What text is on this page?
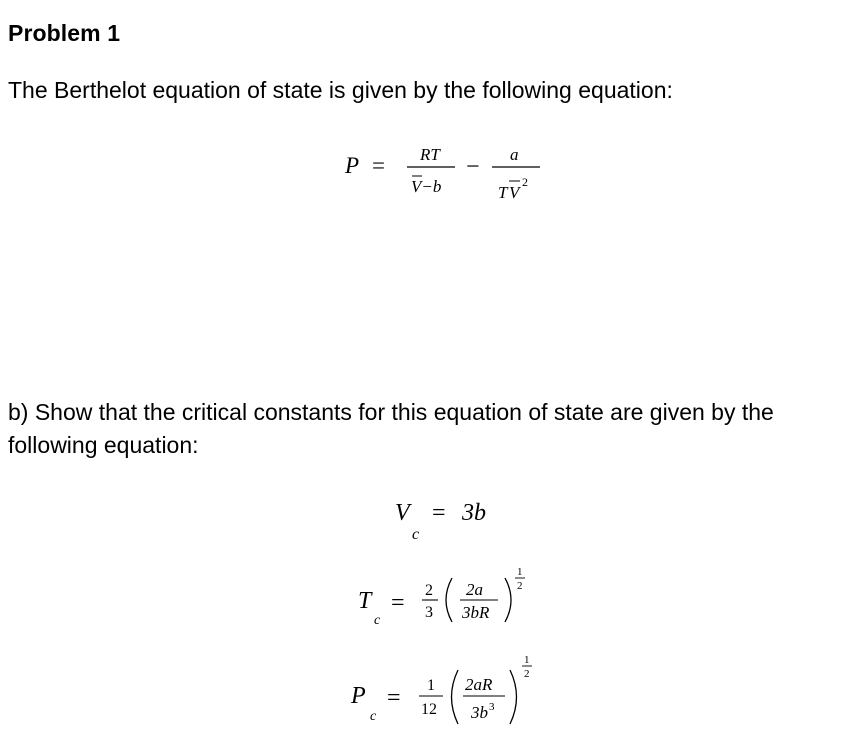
Problem 1
The Berthelot equation of state is given by the following equation:
P = RT
V−b
− a
T V
2
b) Show that the critical constants for this equation of state are given by the
following equation:
V
c
= 3b
T
c
= 2
3
2a
3bR
1
2
P
c
= 1
12
2aR
3b 3
1
2
